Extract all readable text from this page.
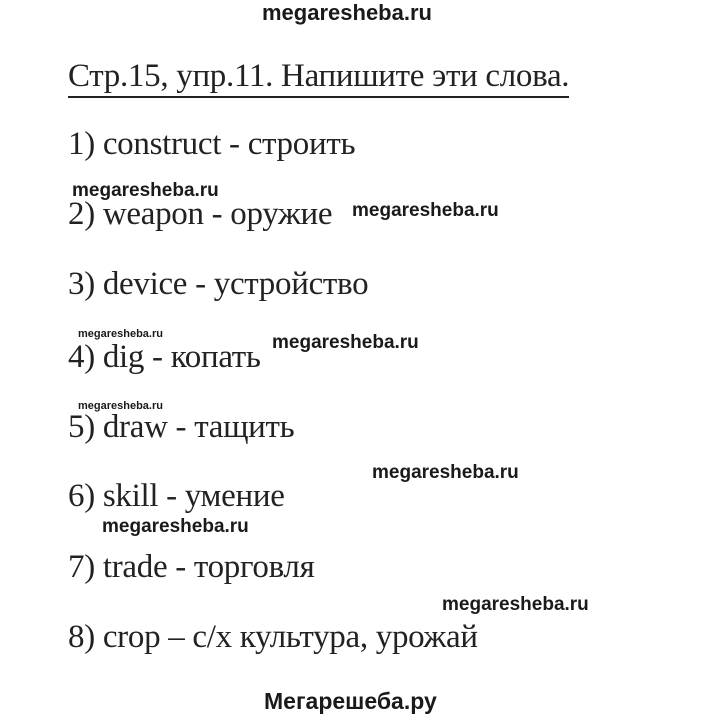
megaresheba.ru
Стр.15, упр.11. Напишите эти слова.
1) construct - строить
megaresheba.ru
2) weapon - оружие megaresheba.ru
3) device - устройство
megaresheba.ru	megaresheba.ru
4) dig - копать
megaresheba.ru
5) draw - тащить
megaresheba.ru
6) skill - умение
megaresheba.ru
7) trade - торговля
megaresheba.ru
8) crop – с/х культура, урожай
Мегарешеба.ру
